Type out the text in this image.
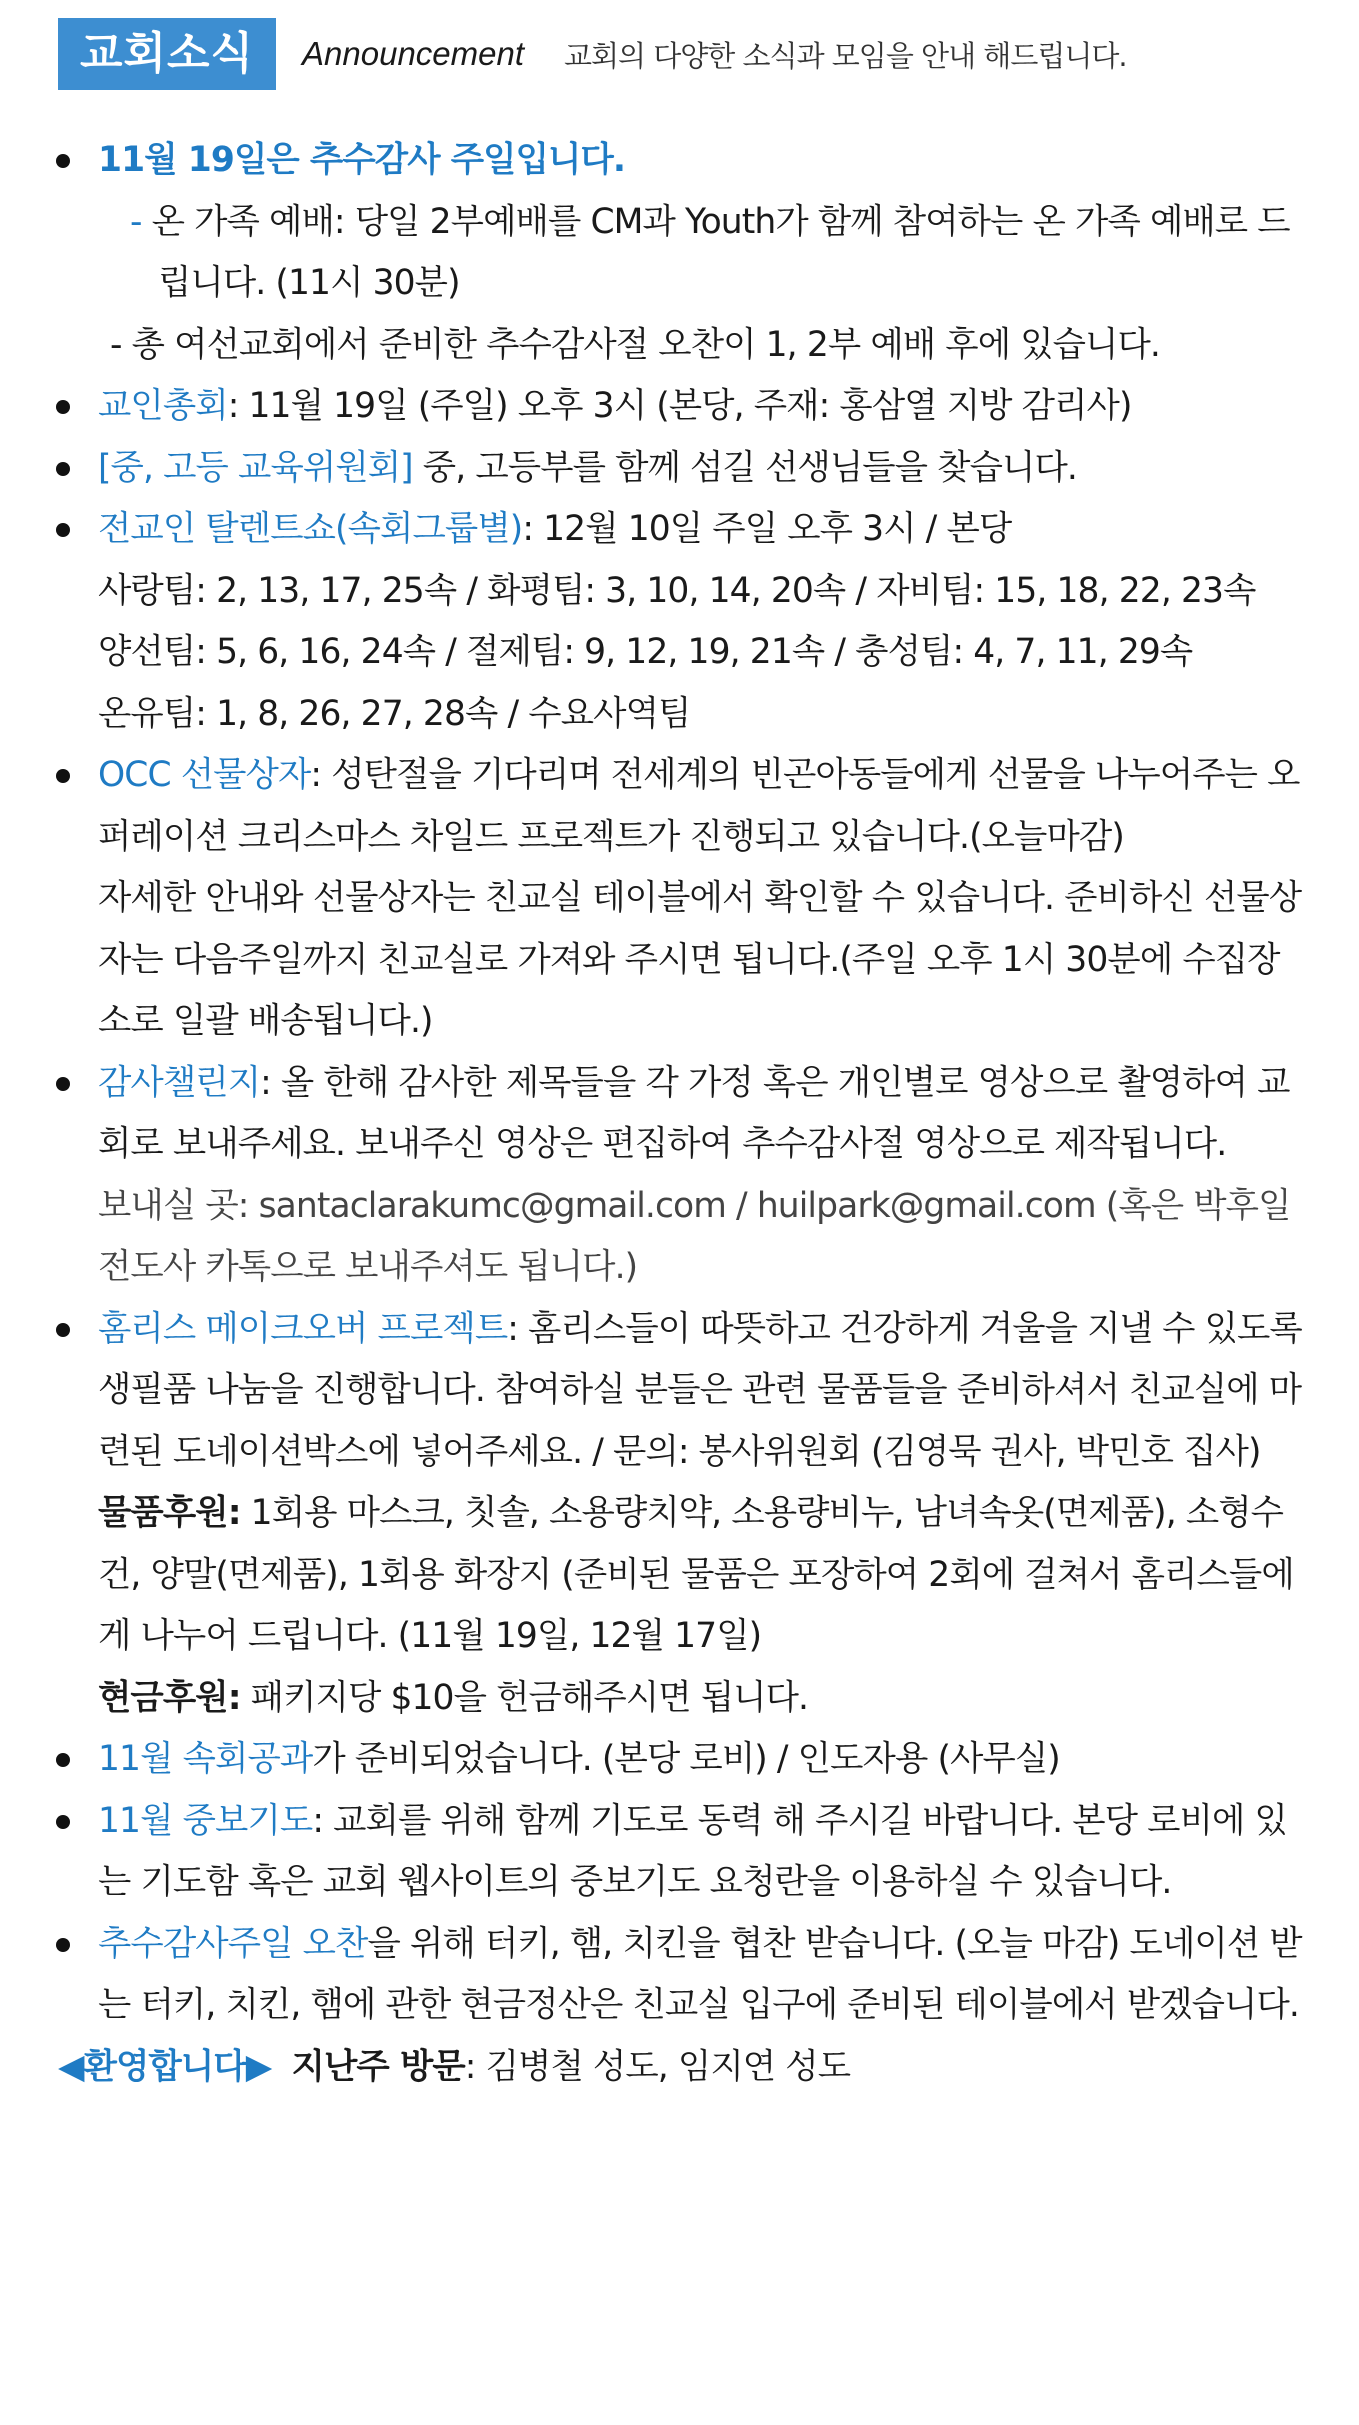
교회소식	Announcement 교회의 다양한 소식과 모임을 안내 해드립니다.
11월 19일은 추수감사 주일입니다.
- 온 가족 예배: 당일 2부예배를 CM과 Youth가 함께 참여하는 온 가족 예배로 드립니다. (11시 30분)
- 총 여선교회에서 준비한 추수감사절 오찬이 1, 2부 예배 후에 있습니다.
교인총회: 11월 19일 (주일) 오후 3시 (본당, 주재: 홍삼열 지방 감리사)
[중, 고등 교육위원회] 중, 고등부를 함께 섬길 선생님들을 찾습니다.
전교인 탈렌트쇼(속회그룹별): 12월 10일 주일 오후 3시 / 본당
사랑팀: 2, 13, 17, 25속 / 화평팀: 3, 10, 14, 20속 / 자비팀: 15, 18, 22, 23속
양선팀: 5, 6, 16, 24속 / 절제팀: 9, 12, 19, 21속 / 충성팀: 4, 7, 11, 29속
온유팀: 1, 8, 26, 27, 28속 / 수요사역팀
OCC 선물상자: 성탄절을 기다리며 전세계의 빈곤아동들에게 선물을 나누어주는 오퍼레이션 크리스마스 차일드 프로젝트가 진행되고 있습니다.(오늘마감)
자세한 안내와 선물상자는 친교실 테이블에서 확인할 수 있습니다. 준비하신 선물상자는 다음주일까지 친교실로 가져와 주시면 됩니다.(주일 오후 1시 30분에 수집장소로 일괄 배송됩니다.)
감사챌린지: 올 한해 감사한 제목들을 각 가정 혹은 개인별로 영상으로 촬영하여 교회로 보내주세요. 보내주신 영상은 편집하여 추수감사절 영상으로 제작됩니다.
보내실 곳: santaclarakumc@gmail.com / huilpark@gmail.com (혹은 박후일 전도사 카톡으로 보내주셔도 됩니다.)
홈리스 메이크오버 프로젝트: 홈리스들이 따뜻하고 건강하게 겨울을 지낼 수 있도록 생필품 나눔을 진행합니다. 참여하실 분들은 관련 물품들을 준비하셔서 친교실에 마련된 도네이션박스에 넣어주세요. / 문의: 봉사위원회 (김영묵 권사, 박민호 집사)
물품후원: 1회용 마스크, 칫솔, 소용량치약, 소용량비누, 남녀속옷(면제품), 소형수건, 양말(면제품), 1회용 화장지 (준비된 물품은 포장하여 2회에 걸쳐서 홈리스들에게 나누어 드립니다. (11월 19일, 12월 17일)
현금후원: 패키지당 $10을 헌금해주시면 됩니다.
11월 속회공과가 준비되었습니다. (본당 로비) / 인도자용 (사무실)
11월 중보기도: 교회를 위해 함께 기도로 동력 해 주시길 바랍니다. 본당 로비에 있는 기도함 혹은 교회 웹사이트의 중보기도 요청란을 이용하실 수 있습니다.
추수감사주일 오찬을 위해 터키, 햄, 치킨을 협찬 받습니다. (오늘 마감) 도네이션 받는 터키, 치킨, 햄에 관한 현금정산은 친교실 입구에 준비된 테이블에서 받겠습니다.
◀환영합니다▶ 지난주 방문: 김병철 성도, 임지연 성도
